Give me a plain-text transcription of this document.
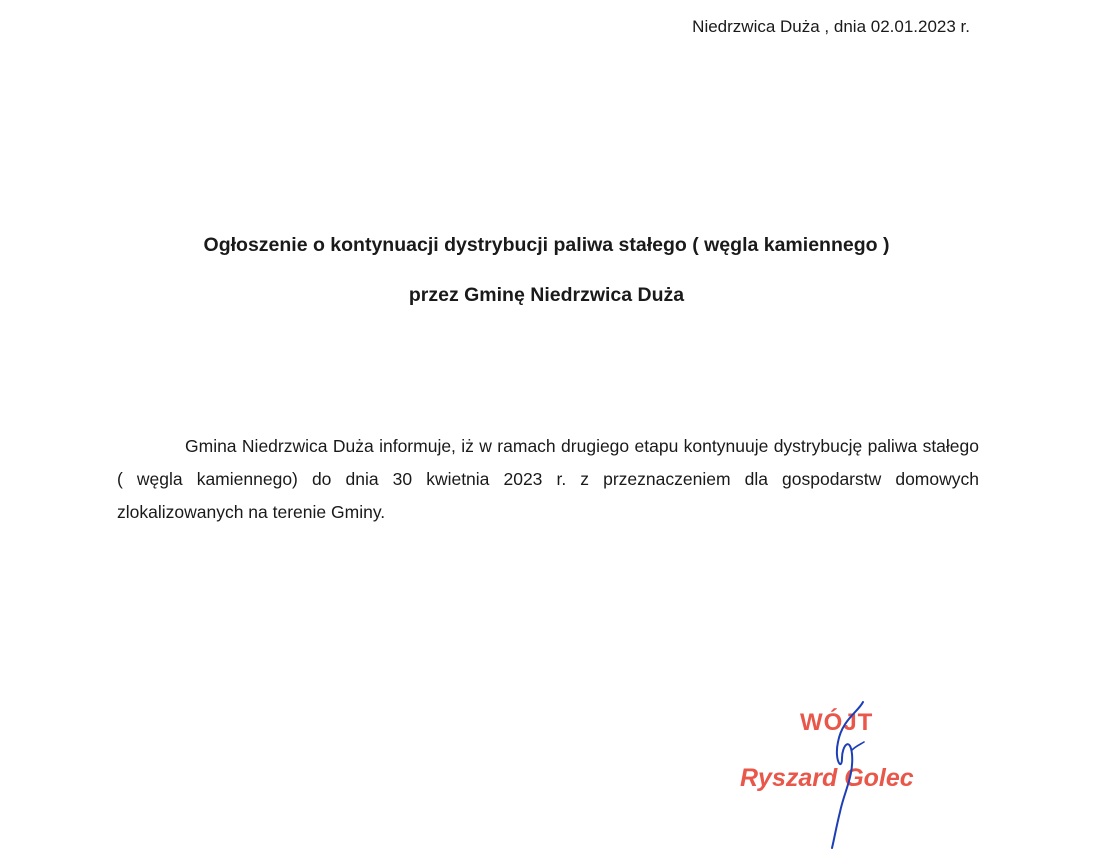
Niedrzwica Duża , dnia 02.01.2023 r.
Ogłoszenie o kontynuacji dystrybucji paliwa stałego ( węgla kamiennego )
przez Gminę Niedrzwica Duża
Gmina Niedrzwica Duża informuje, iż w ramach drugiego etapu kontynuuje dystrybucję paliwa stałego ( węgla kamiennego) do dnia 30 kwietnia 2023 r. z przeznaczeniem dla gospodarstw domowych zlokalizowanych na terenie Gminy.
WÓJT
Ryszard Golec
